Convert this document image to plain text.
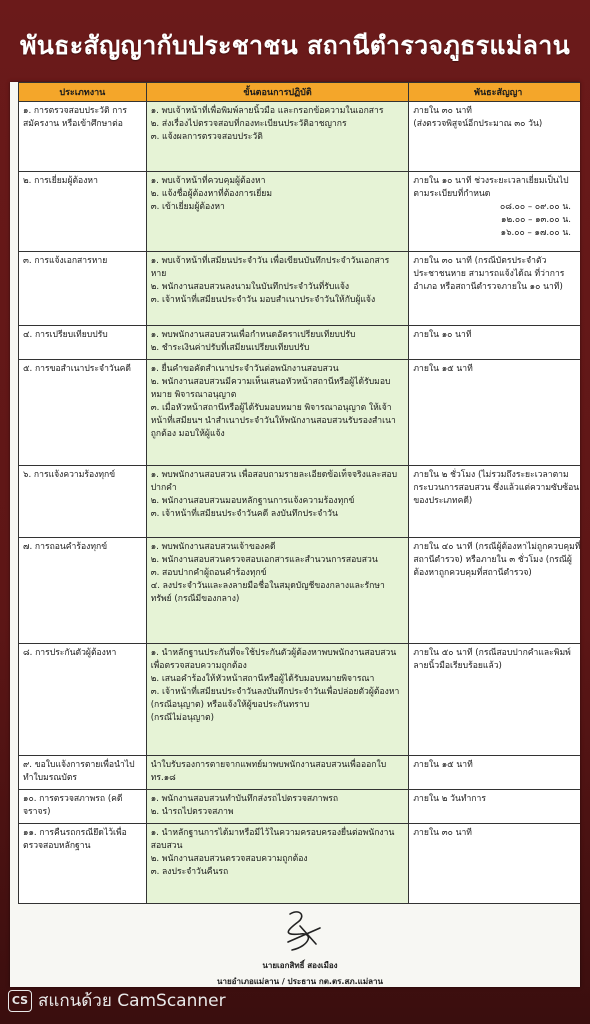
พันธะสัญญากับประชาชน สถานีตำรวจภูธรแม่ลาน
ประเภทงาน	ขั้นตอนการปฏิบัติ	พันธะสัญญา

๑. การตรวจสอบประวัติ การสมัครงาน หรือเข้าศึกษาต่อ	๑. พบเจ้าหน้าที่เพื่อพิมพ์ลายนิ้วมือ และกรอกข้อความในเอกสาร
๒. ส่งเรื่องไปตรวจสอบที่กองทะเบียนประวัติอาชญากร
๓. แจ้งผลการตรวจสอบประวัติ	ภายใน ๓๐ นาที
(ส่งตรวจพิสูจน์อีกประมาณ ๓๐ วัน)

๒. การเยี่ยมผู้ต้องหา	๑. พบเจ้าหน้าที่ควบคุมผู้ต้องหา
๒. แจ้งชื่อผู้ต้องหาที่ต้องการเยี่ยม
๓. เข้าเยี่ยมผู้ต้องหา	ภายใน ๑๐ นาที ช่วงระยะเวลาเยี่ยมเป็นไปตามระเบียบที่กำหนด
๐๘.๐๐ – ๐๙.๐๐ น.
๑๒.๐๐ – ๑๓.๐๐ น.
๑๖.๐๐ – ๑๗.๐๐ น.

๓. การแจ้งเอกสารหาย	๑. พบเจ้าหน้าที่เสมียนประจำวัน เพื่อเขียนบันทึกประจำวันเอกสารหาย
๒. พนักงานสอบสวนลงนามในบันทึกประจำวันที่รับแจ้ง
๓. เจ้าหน้าที่เสมียนประจำวัน มอบสำเนาประจำวันให้กับผู้แจ้ง	ภายใน ๓๐ นาที (กรณีบัตรประจำตัวประชาชนหาย สามารถแจ้งได้ณ ที่ว่าการอำเภอ หรือสถานีตำรวจภายใน ๑๐ นาที)

๔. การเปรียบเทียบปรับ	๑. พบพนักงานสอบสวนเพื่อกำหนดอัตราเปรียบเทียบปรับ
๒. ชำระเงินค่าปรับที่เสมียนเปรียบเทียบปรับ	ภายใน ๑๐ นาที

๕. การขอสำเนาประจำวันคดี	๑. ยื่นคำขอคัดสำเนาประจำวันต่อพนักงานสอบสวน
๒. พนักงานสอบสวนมีความเห็นเสนอหัวหน้าสถานีหรือผู้ได้รับมอบหมาย พิจารณาอนุญาต
๓. เมื่อหัวหน้าสถานีหรือผู้ได้รับมอบหมาย พิจารณาอนุญาต ให้เจ้าหน้าที่เสมียนฯ นำสำเนาประจำวันให้พนักงานสอบสวนรับรองสำเนาถูกต้อง มอบให้ผู้แจ้ง	ภายใน ๑๕ นาที

๖. การแจ้งความร้องทุกข์	๑. พบพนักงานสอบสวน เพื่อสอบถามรายละเอียดข้อเท็จจริงและสอบปากคำ
๒. พนักงานสอบสวนมอบหลักฐานการแจ้งความร้องทุกข์
๓. เจ้าหน้าที่เสมียนประจำวันคดี ลงบันทึกประจำวัน	ภายใน ๒ ชั่วโมง (ไม่รวมถึงระยะเวลาตามกระบวนการสอบสวน ซึ่งแล้วแต่ความซับซ้อนของประเภทคดี)

๗. การถอนคำร้องทุกข์	๑. พบพนักงานสอบสวนเจ้าของคดี
๒. พนักงานสอบสวนตรวจสอบเอกสารและสำนวนการสอบสวน
๓. สอบปากคำผู้ถอนคำร้องทุกข์
๔. ลงประจำวันและลงลายมือชื่อในสมุดบัญชีของกลางและรักษาทรัพย์ (กรณีมีของกลาง)	ภายใน ๔๐ นาที (กรณีผู้ต้องหาไม่ถูกควบคุมที่สถานีตำรวจ) หรือภายใน ๓ ชั่วโมง (กรณีผู้ต้องหาถูกควบคุมที่สถานีตำรวจ)

๘. การประกันตัวผู้ต้องหา	๑. นำหลักฐานประกันที่จะใช้ประกันตัวผู้ต้องหาพบพนักงานสอบสวนเพื่อตรวจสอบความถูกต้อง
๒. เสนอคำร้องให้หัวหน้าสถานีหรือผู้ได้รับมอบหมายพิจารณา
๓. เจ้าหน้าที่เสมียนประจำวันลงบันทึกประจำวันเพื่อปล่อยตัวผู้ต้องหา (กรณีอนุญาต) หรือแจ้งให้ผู้ขอประกันทราบ
(กรณีไม่อนุญาต)	ภายใน ๕๐ นาที (กรณีสอบปากคำและพิมพ์ลายนิ้วมือเรียบร้อยแล้ว)

๙. ขอใบแจ้งการตายเพื่อนำไปทำใบมรณบัตร	นำใบรับรองการตายจากแพทย์มาพบพนักงานสอบสวนเพื่อออกใบ ทร.๑๘	ภายใน ๑๕ นาที

๑๐. การตรวจสภาพรถ (คดีจราจร)	๑. พนักงานสอบสวนทำบันทึกส่งรถไปตรวจสภาพรถ
๒. นำรถไปตรวจสภาพ	ภายใน ๒ วันทำการ

๑๑. การคืนรถกรณียึดไว้เพื่อตรวจสอบหลักฐาน	๑. นำหลักฐานการได้มาหรือมีไว้ในความครอบครองยื่นต่อพนักงานสอบสวน
๒. พนักงานสอบสวนตรวจสอบความถูกต้อง
๓. ลงประจำวันคืนรถ	ภายใน ๓๐ นาที
นายเอกสิทธิ์ สองเมือง
นายอำเภอแม่ลาน / ประธาน กต.ตร.สภ.แม่ลาน
CS สแกนด้วย CamScanner
